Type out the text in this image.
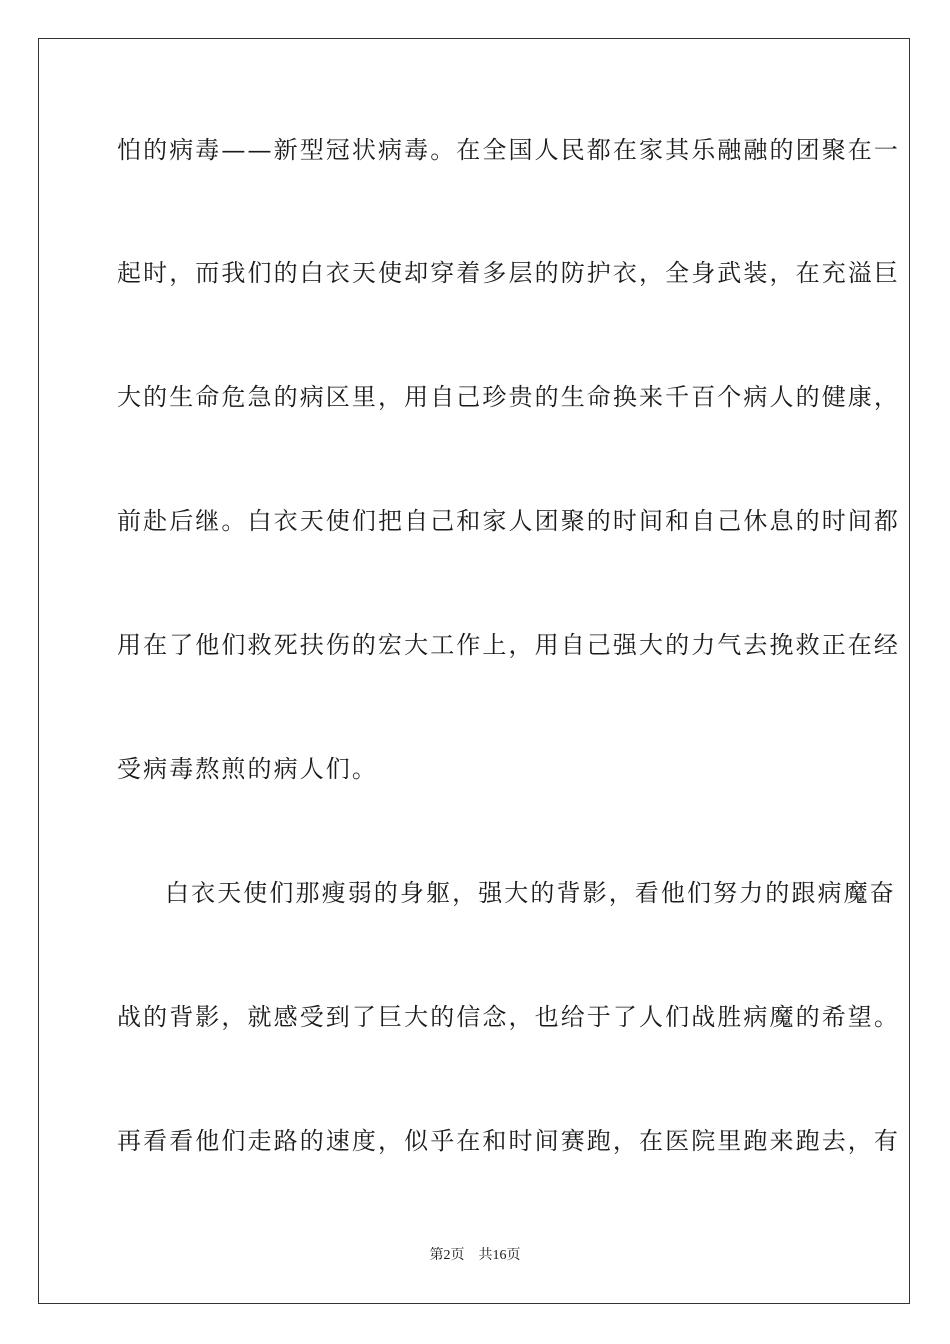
怕的病毒——新型冠状病毒。在全国人民都在家其乐融融的团聚在一
起时，而我们的白衣天使却穿着多层的防护衣，全身武装，在充溢巨
大的生命危急的病区里，用自己珍贵的生命换来千百个病人的健康，
前赴后继。白衣天使们把自己和家人团聚的时间和自己休息的时间都
用在了他们救死扶伤的宏大工作上，用自己强大的力气去挽救正在经
受病毒熬煎的病人们。
白衣天使们那瘦弱的身躯，强大的背影，看他们努力的跟病魔奋
战的背影，就感受到了巨大的信念，也给于了人们战胜病魔的希望。
再看看他们走路的速度，似乎在和时间赛跑，在医院里跑来跑去，有
第2页 共16页
